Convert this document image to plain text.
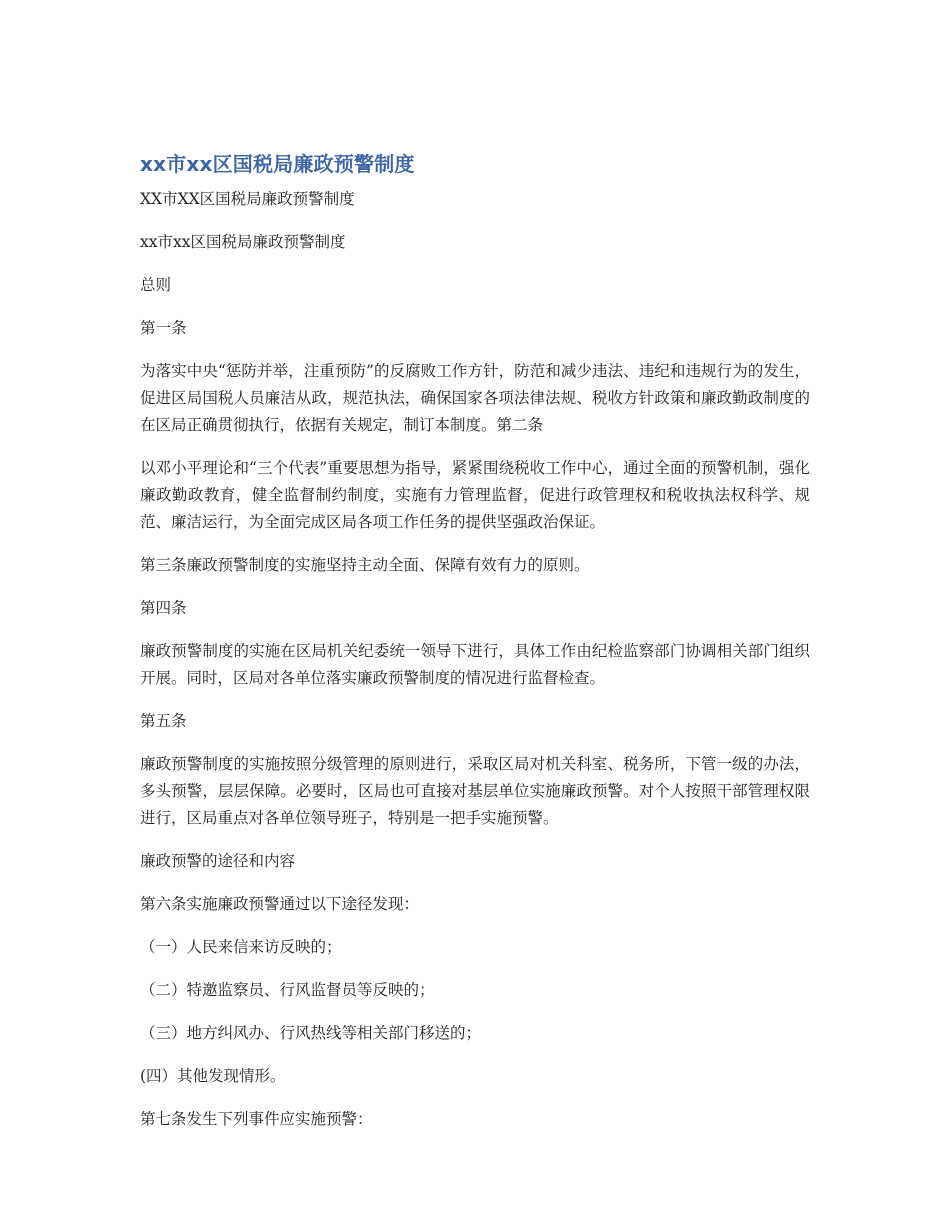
xx市xx区国税局廉政预警制度

XX市XX区国税局廉政预警制度

xx市xx区国税局廉政预警制度

总则

第一条

为落实中央“惩防并举，注重预防”的反腐败工作方针，防范和减少违法、违纪和违规行为的发生，促进区局国税人员廉洁从政，规范执法，确保国家各项法律法规、税收方针政策和廉政勤政制度的在区局正确贯彻执行，依据有关规定，制订本制度。第二条

以邓小平理论和“三个代表”重要思想为指导，紧紧围绕税收工作中心，通过全面的预警机制，强化廉政勤政教育，健全监督制约制度，实施有力管理监督，促进行政管理权和税收执法权科学、规范、廉洁运行，为全面完成区局各项工作任务的提供坚强政治保证。

第三条廉政预警制度的实施坚持主动全面、保障有效有力的原则。

第四条

廉政预警制度的实施在区局机关纪委统一领导下进行，具体工作由纪检监察部门协调相关部门组织开展。同时，区局对各单位落实廉政预警制度的情况进行监督检查。

第五条

廉政预警制度的实施按照分级管理的原则进行，采取区局对机关科室、税务所，下管一级的办法，多头预警，层层保障。必要时，区局也可直接对基层单位实施廉政预警。对个人按照干部管理权限进行，区局重点对各单位领导班子，特别是一把手实施预警。

廉政预警的途径和内容

第六条实施廉政预警通过以下途径发现：

（一）人民来信来访反映的；

（二）特邀监察员、行风监督员等反映的；

（三）地方纠风办、行风热线等相关部门移送的；

(四）其他发现情形。

第七条发生下列事件应实施预警：
